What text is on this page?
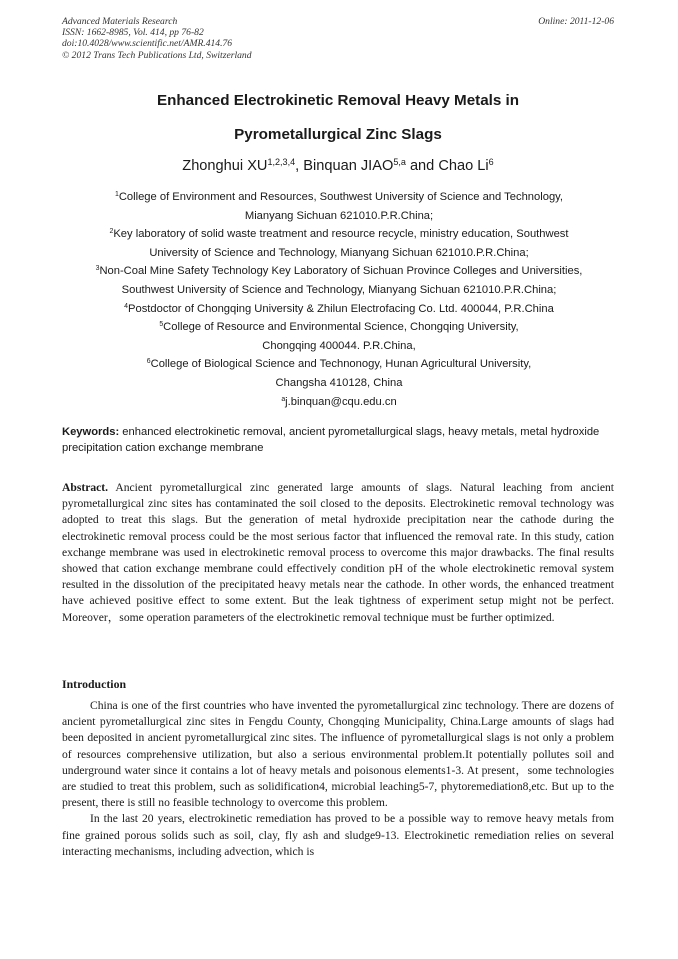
Advanced Materials Research
ISSN: 1662-8985, Vol. 414, pp 76-82
doi:10.4028/www.scientific.net/AMR.414.76
© 2012 Trans Tech Publications Ltd, Switzerland
Online: 2011-12-06
Enhanced Electrokinetic Removal Heavy Metals in
Pyrometallurgical Zinc Slags
Zhonghui XU$^{1,2,3,4}$, Binquan JIAO$^{5,a}$ and Chao Li$^6$
$^1$College of Environment and Resources, Southwest University of Science and Technology,
Mianyang Sichuan 621010.P.R.China;
$^2$Key laboratory of solid waste treatment and resource recycle, ministry education, Southwest
University of Science and Technology, Mianyang Sichuan 621010.P.R.China;
$^3$Non-Coal Mine Safety Technology Key Laboratory of Sichuan Province Colleges and Universities,
Southwest University of Science and Technology, Mianyang Sichuan 621010.P.R.China;
$^4$Postdoctor of Chongqing University & Zhilun Electrofacing Co. Ltd. 400044, P.R.China
$^5$College of Resource and Environmental Science, Chongqing University,
Chongqing 400044. P.R.China,
$^6$College of Biological Science and Technonogy, Hunan Agricultural University,
Changsha 410128, China
$^a$j.binquan@cqu.edu.cn
Keywords: enhanced electrokinetic removal, ancient pyrometallurgical slags, heavy metals, metal hydroxide precipitation cation exchange membrane
Abstract. Ancient pyrometallurgical zinc generated large amounts of slags. Natural leaching from ancient pyrometallurgical zinc sites has contaminated the soil closed to the deposits. Electrokinetic removal technology was adopted to treat this slags. But the generation of metal hydroxide precipitation near the cathode during the electrokinetic removal process could be the most serious factor that influenced the removal rate. In this study, cation exchange membrane was used in electrokinetic removal process to overcome this major drawbacks. The final results showed that cation exchange membrane could effectively condition pH of the whole electrokinetic removal system resulted in the dissolution of the precipitated heavy metals near the cathode. In other words, the enhanced treatment have achieved positive effect to some extent. But the leak tightness of experiment setup might not be perfect. Moreover，some operation parameters of the electrokinetic removal technique must be further optimized.
Introduction

Chinа is one of the first countries who have invented the pyrometallurgical zinc technology. There are dozens of ancient pyrometallurgical zinc sites in Fengdu County, Chongqing Municipality, China.Large amounts of slags had been deposited in ancient pyrometallurgical zinc sites. The influence of pyrometallurgical slags is not only a problem of resources comprehensive utilization, but also a serious environmental problem.It potentially pollutes soil and underground water since it contains a lot of heavy metals and poisonous elements1-3. At present，some technologies are studied to treat this problem, such as solidification4, microbial leaching5-7, phytoremediation8,etc. But up to the present, there is still no feasible technology to overcome this problem.

In the last 20 years, electrokinetic remediation has proved to be a possible way to remove heavy metals from fine grained porous solids such as soil, clay, fly ash and sludge9-13. Electrokinetic remediation relies on several interacting mechanisms, including advection, which is
